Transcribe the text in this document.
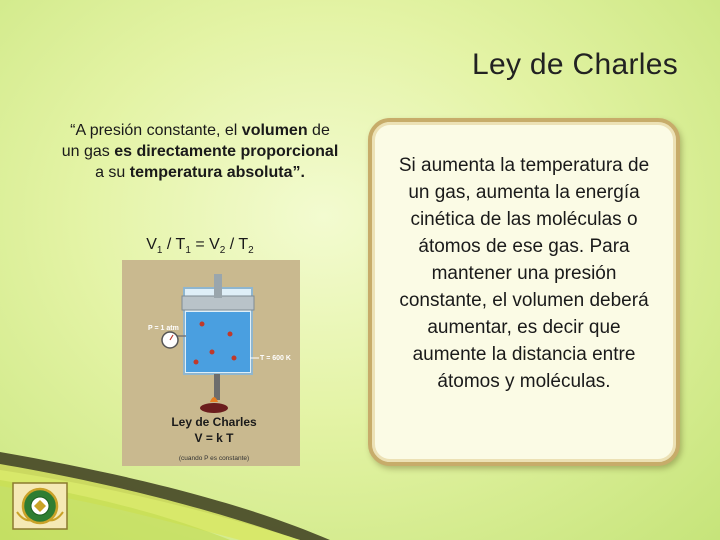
Ley de Charles
“A presión constante, el volumen de un gas es directamente proporcional a su temperatura absoluta”.
$V_1 / T_1 = V_2 / T_2$
P = 1 atm
T = 600 K
Ley de Charles
V = k T
(cuando P es constante)
Si aumenta la temperatura de un gas, aumenta la energía cinética de las moléculas o átomos de ese gas. Para mantener una presión constante, el volumen deberá aumentar, es decir que aumente la distancia entre átomos y moléculas.
